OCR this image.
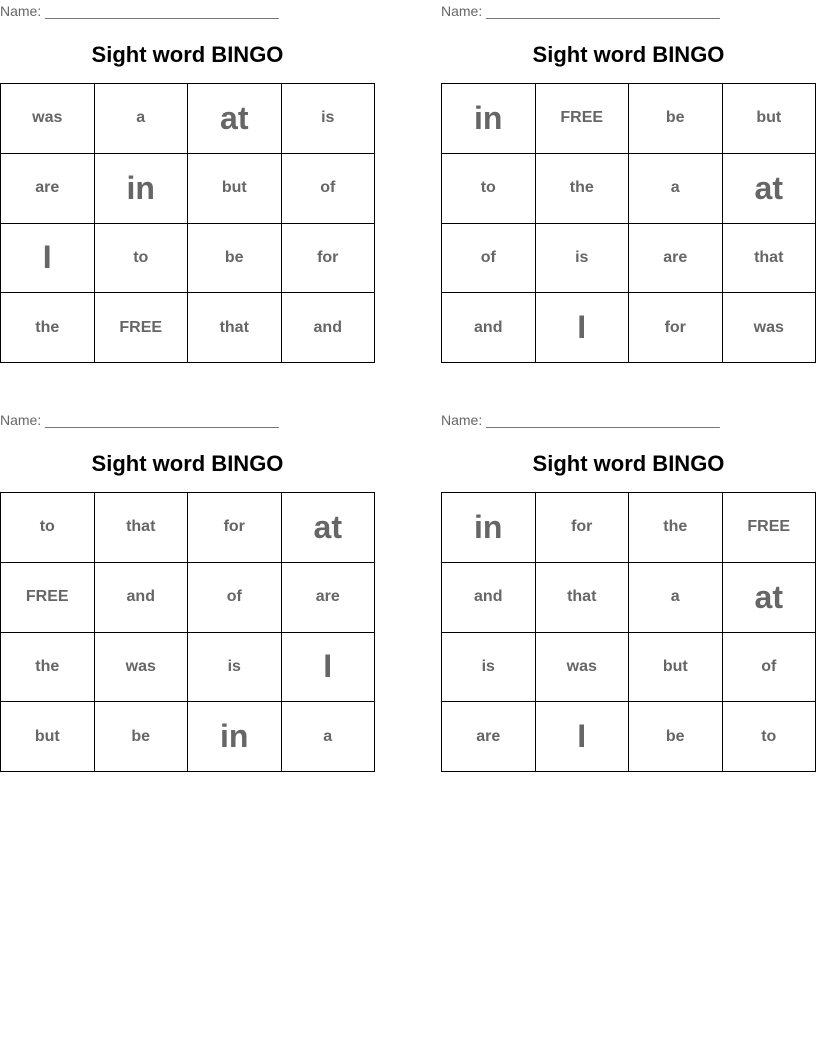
Name: ______________________________
Sight word BINGO
was	a	at	is
are	in	but	of
I	to	be	for
the	FREE	that	and
Name: ______________________________
Sight word BINGO
in	FREE	be	but
to	the	a	at
of	is	are	that
and	I	for	was
Name: ______________________________
Sight word BINGO
to	that	for	at
FREE	and	of	are
the	was	is	I
but	be	in	a
Name: ______________________________
Sight word BINGO
in	for	the	FREE
and	that	a	at
is	was	but	of
are	I	be	to
